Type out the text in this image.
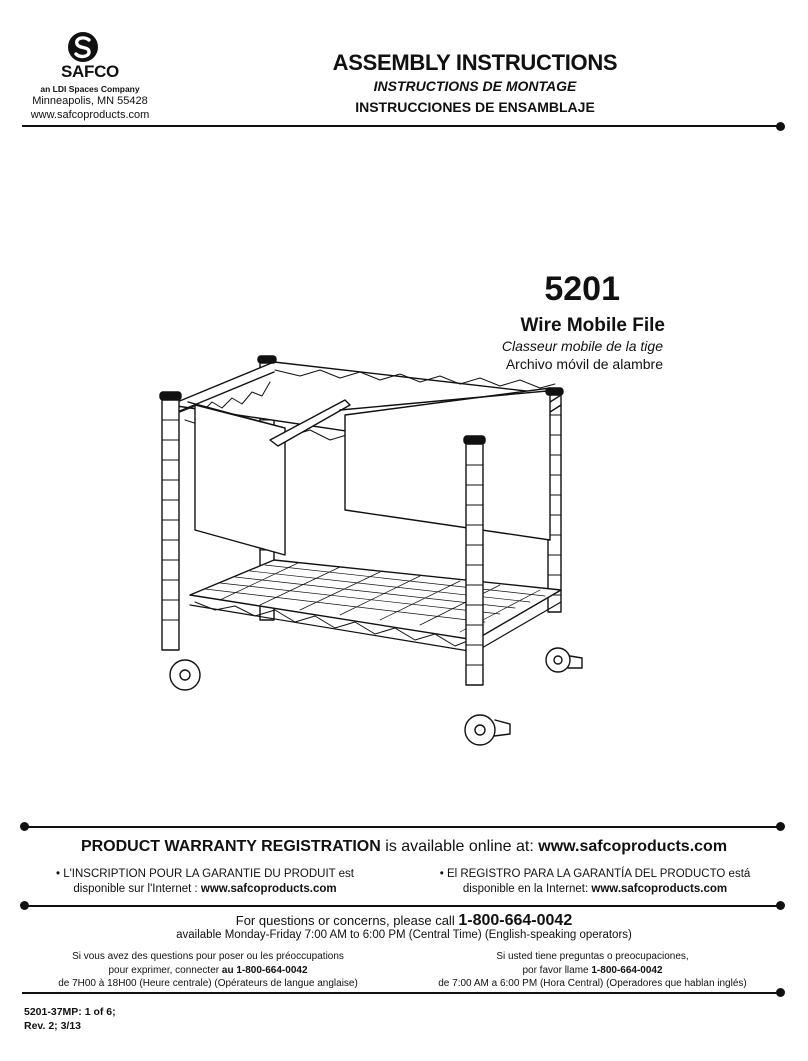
SAFCO
an LDI Spaces Company
Minneapolis, MN 55428
www.safcoproducts.com
ASSEMBLY INSTRUCTIONS
INSTRUCTIONS DE MONTAGE
INSTRUCCIONES DE ENSAMBLAJE
5201
Wire Mobile File
Classeur mobile de la tige
Archivo móvil de alambre
PRODUCT WARRANTY REGISTRATION is available online at: www.safcoproducts.com
• L'INSCRIPTION POUR LA GARANTIE DU PRODUIT est
disponible sur l'Internet : www.safcoproducts.com
• El REGISTRO PARA LA GARANTÍA DEL PRODUCTO está
disponible en la Internet: www.safcoproducts.com
For questions or concerns, please call 1-800-664-0042
available Monday-Friday 7:00 AM to 6:00 PM (Central Time) (English-speaking operators)
Si vous avez des questions pour poser ou les préoccupations
pour exprimer, connecter au 1-800-664-0042
de 7H00 à 18H00 (Heure centrale) (Opérateurs de langue anglaise)
Si usted tiene preguntas o preocupaciones,
por favor llame 1-800-664-0042
de 7:00 AM a 6:00 PM (Hora Central) (Operadores que hablan inglés)
5201-37MP: 1 of 6;
Rev. 2; 3/13
